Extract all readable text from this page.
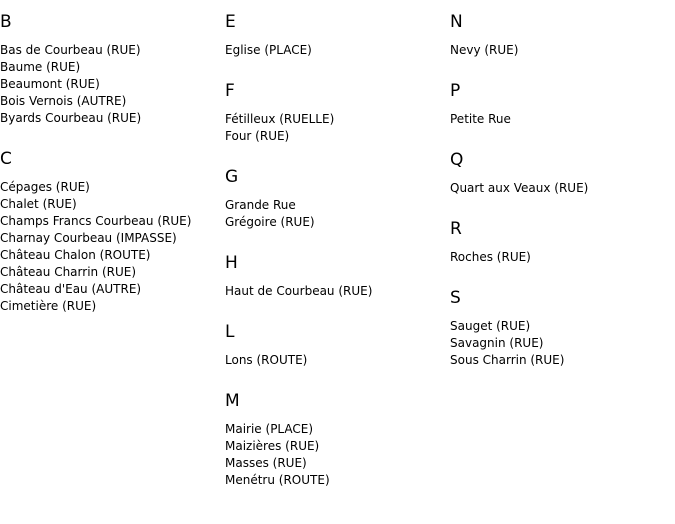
B
Bas de Courbeau (RUE)
Baume (RUE)
Beaumont (RUE)
Bois Vernois (AUTRE)
Byards Courbeau (RUE)
C
Cépages (RUE)
Chalet (RUE)
Champs Francs Courbeau (RUE)
Charnay Courbeau (IMPASSE)
Château Chalon (ROUTE)
Château Charrin (RUE)
Château d'Eau (AUTRE)
Cimetière (RUE)
E
Eglise (PLACE)
F
Fétilleux (RUELLE)
Four (RUE)
G
Grande Rue
Grégoire (RUE)
H
Haut de Courbeau (RUE)
L
Lons (ROUTE)
M
Mairie (PLACE)
Maizières (RUE)
Masses (RUE)
Menétru (ROUTE)
N
Nevy (RUE)
P
Petite Rue
Q
Quart aux Veaux (RUE)
R
Roches (RUE)
S
Sauget (RUE)
Savagnin (RUE)
Sous Charrin (RUE)
